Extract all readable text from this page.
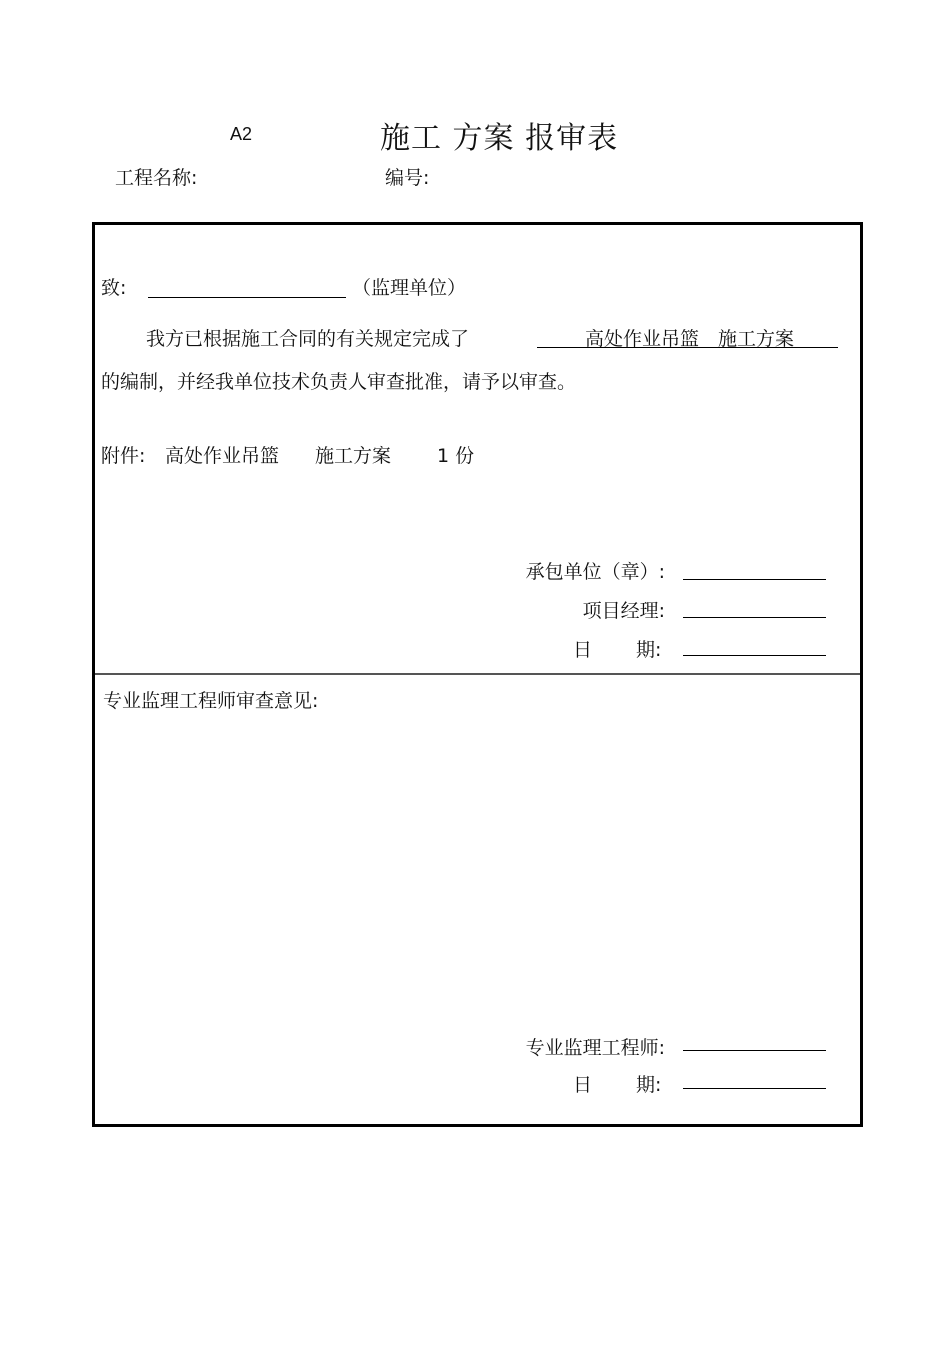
A2	施工 方案 报审表
工程名称:	编号:
致:	（监理单位）
我方已根据施工合同的有关规定完成了	高处作业吊篮　施工方案
的编制，并经我单位技术负责人审查批准，请予以审查。
附件: 高处作业吊篮 施工方案 1 份
承包单位（章）:
项目经理:
日 期:
专业监理工程师审查意见:
专业监理工程师:
日 期:
